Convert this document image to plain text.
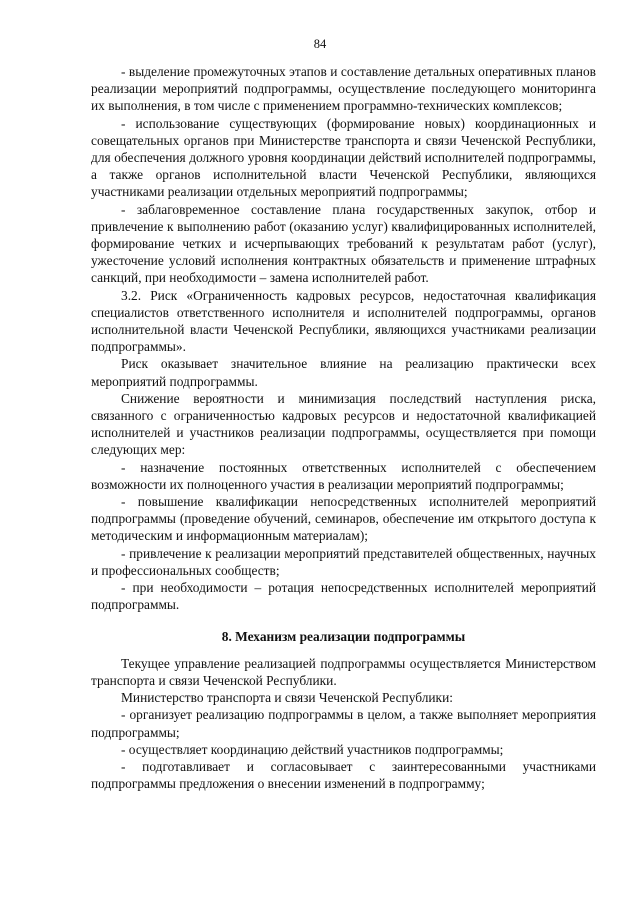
84

- выделение промежуточных этапов и составление детальных оперативных планов реализации мероприятий подпрограммы, осуществление последующего мониторинга их выполнения, в том числе с применением программно-технических комплексов;

- использование существующих (формирование новых) координационных и совещательных органов при Министерстве транспорта и связи Чеченской Республики, для обеспечения должного уровня координации действий исполнителей подпрограммы, а также органов исполнительной власти Чеченской Республики, являющихся участниками реализации отдельных мероприятий подпрограммы;

- заблаговременное составление плана государственных закупок, отбор и привлечение к выполнению работ (оказанию услуг) квалифицированных исполнителей, формирование четких и исчерпывающих требований к результатам работ (услуг), ужесточение условий исполнения контрактных обязательств и применение штрафных санкций, при необходимости – замена исполнителей работ.

3.2. Риск «Ограниченность кадровых ресурсов, недостаточная квалификация специалистов ответственного исполнителя и исполнителей подпрограммы, органов исполнительной власти Чеченской Республики, являющихся участниками реализации подпрограммы».

Риск оказывает значительное влияние на реализацию практически всех мероприятий подпрограммы.

Снижение вероятности и минимизация последствий наступления риска, связанного с ограниченностью кадровых ресурсов и недостаточной квалификацией исполнителей и участников реализации подпрограммы, осуществляется при помощи следующих мер:

- назначение постоянных ответственных исполнителей с обеспечением возможности их полноценного участия в реализации мероприятий подпрограммы;

- повышение квалификации непосредственных исполнителей мероприятий подпрограммы (проведение обучений, семинаров, обеспечение им открытого доступа к методическим и информационным материалам);

- привлечение к реализации мероприятий представителей общественных, научных и профессиональных сообществ;

- при необходимости – ротация непосредственных исполнителей мероприятий подпрограммы.

8. Механизм реализации подпрограммы

Текущее управление реализацией подпрограммы осуществляется Министерством транспорта и связи Чеченской Республики.

Министерство транспорта и связи Чеченской Республики:

- организует реализацию подпрограммы в целом, а также выполняет мероприятия подпрограммы;

- осуществляет координацию действий участников подпрограммы;

- подготавливает и согласовывает с заинтересованными участниками подпрограммы предложения о внесении изменений в подпрограмму;
